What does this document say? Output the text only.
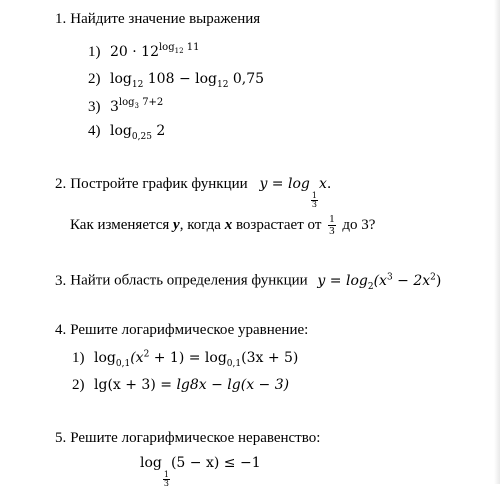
1. Найдите значение выражения
1) $20 \cdot 12^{log_{12} 11}$
2) $\log_{12} 108 - \log_{12} 0,75$
3) $3^{log_3 7+2}$
4) $\log_{0,25} 2$
2. Постройте график функции y = log
$\frac{1}{3}$
x.
Как изменяется y, когда x возрастает от $\frac{1}{3}$ до 3?
3. Найти область определения функции $y = \log_2(x^3 - 2x^2)$
4. Решите логарифмическое уравнение:
1) $\log_{0,1}(x^2 + 1) = \log_{0,1}(3x + 5)$
2) lg(x + 3) = lg8x − lg(x − 3)
5. Решите логарифмическое неравенство:
log
$\frac{1}{3}$
(5 − x) ≤ −1
